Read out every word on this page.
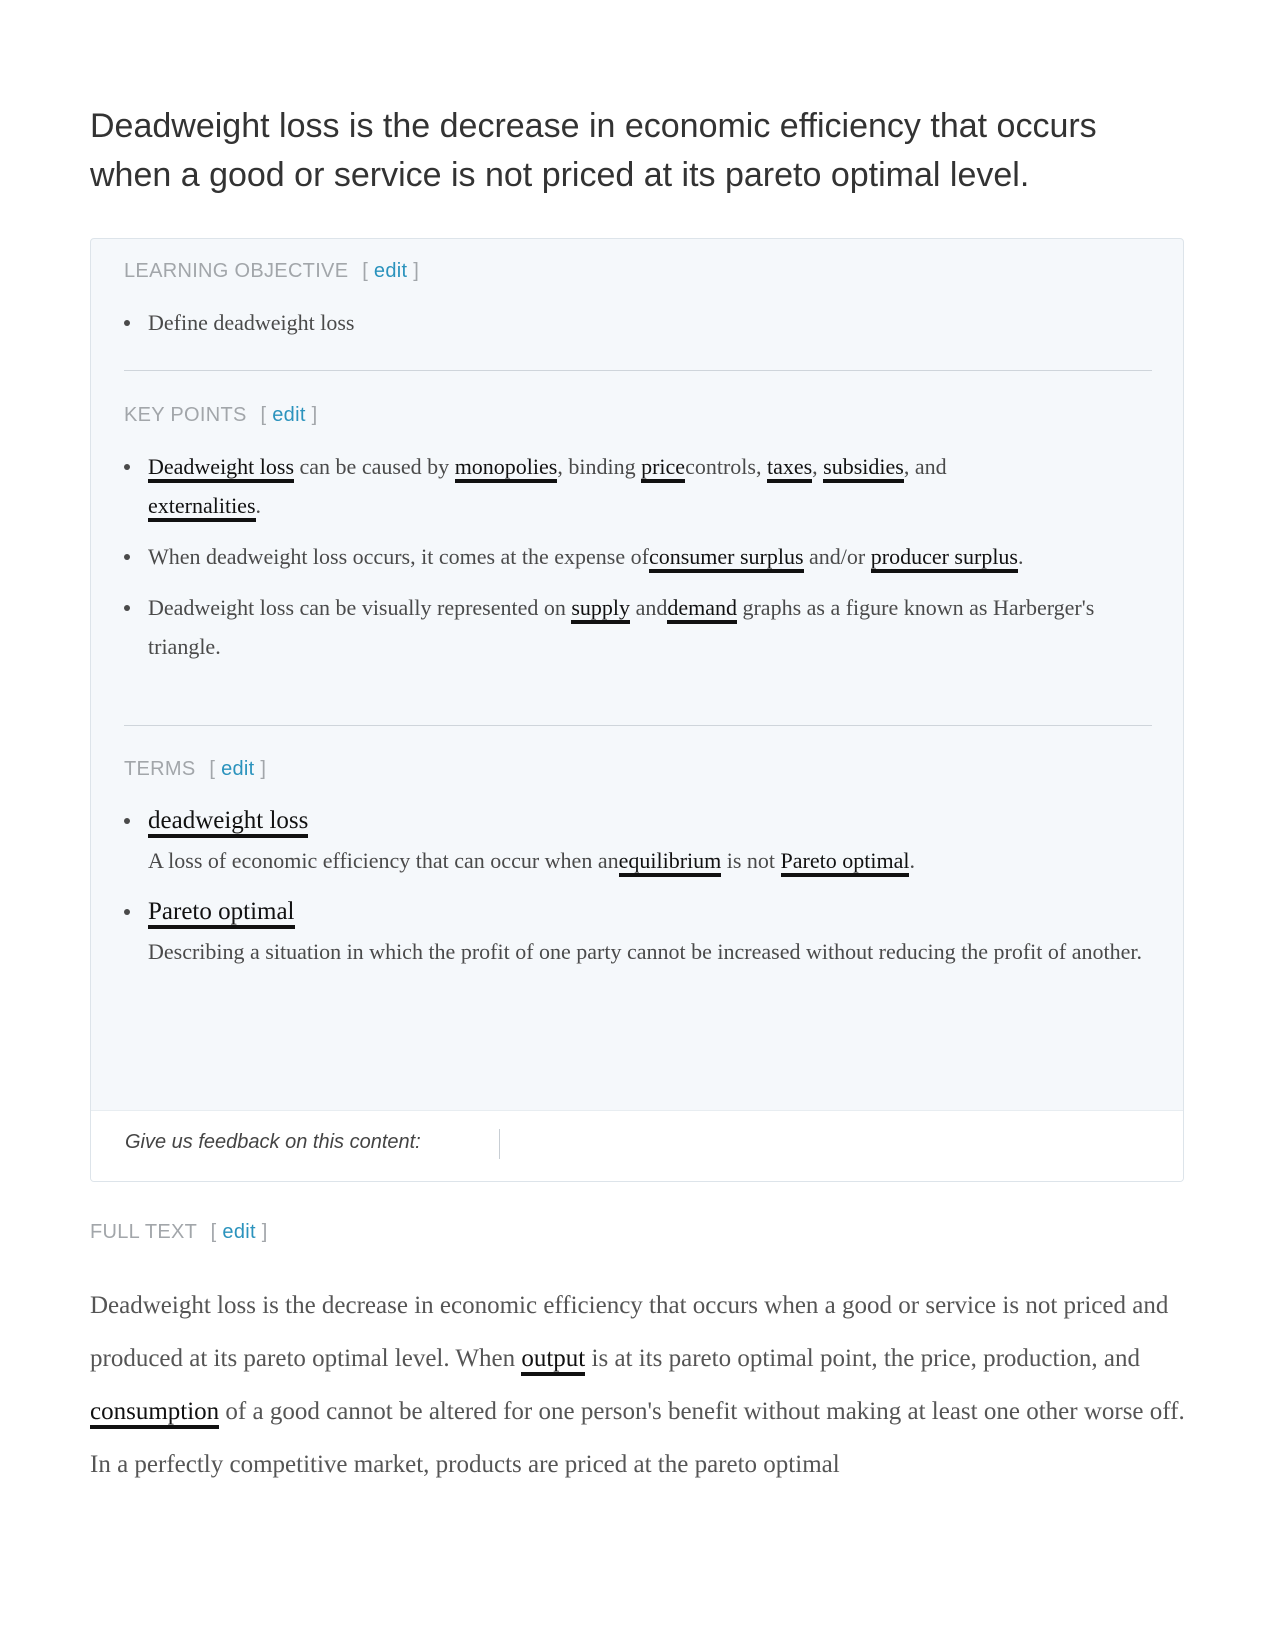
Deadweight loss is the decrease in economic efficiency that occurs when a good or service is not priced at its pareto optimal level.
LEARNING OBJECTIVE [ edit ]
Define deadweight loss
KEY POINTS [ edit ]
Deadweight loss can be caused by monopolies, binding pricecontrols, taxes, subsidies, and externalities.
When deadweight loss occurs, it comes at the expense ofconsumer surplus and/or producer surplus.
Deadweight loss can be visually represented on supply anddemand graphs as a figure known as Harberger's triangle.
TERMS [ edit ]
deadweight loss
A loss of economic efficiency that can occur when anequilibrium is not Pareto optimal.
Pareto optimal
Describing a situation in which the profit of one party cannot be increased without reducing the profit of another.
Give us feedback on this content:
FULL TEXT [ edit ]

Deadweight loss is the decrease in economic efficiency that occurs when a good or service is not priced and produced at its pareto optimal level. When output is at its pareto optimal point, the price, production, and consumption of a good cannot be altered for one person's benefit without making at least one other worse off. In a perfectly competitive market, products are priced at the pareto optimal
